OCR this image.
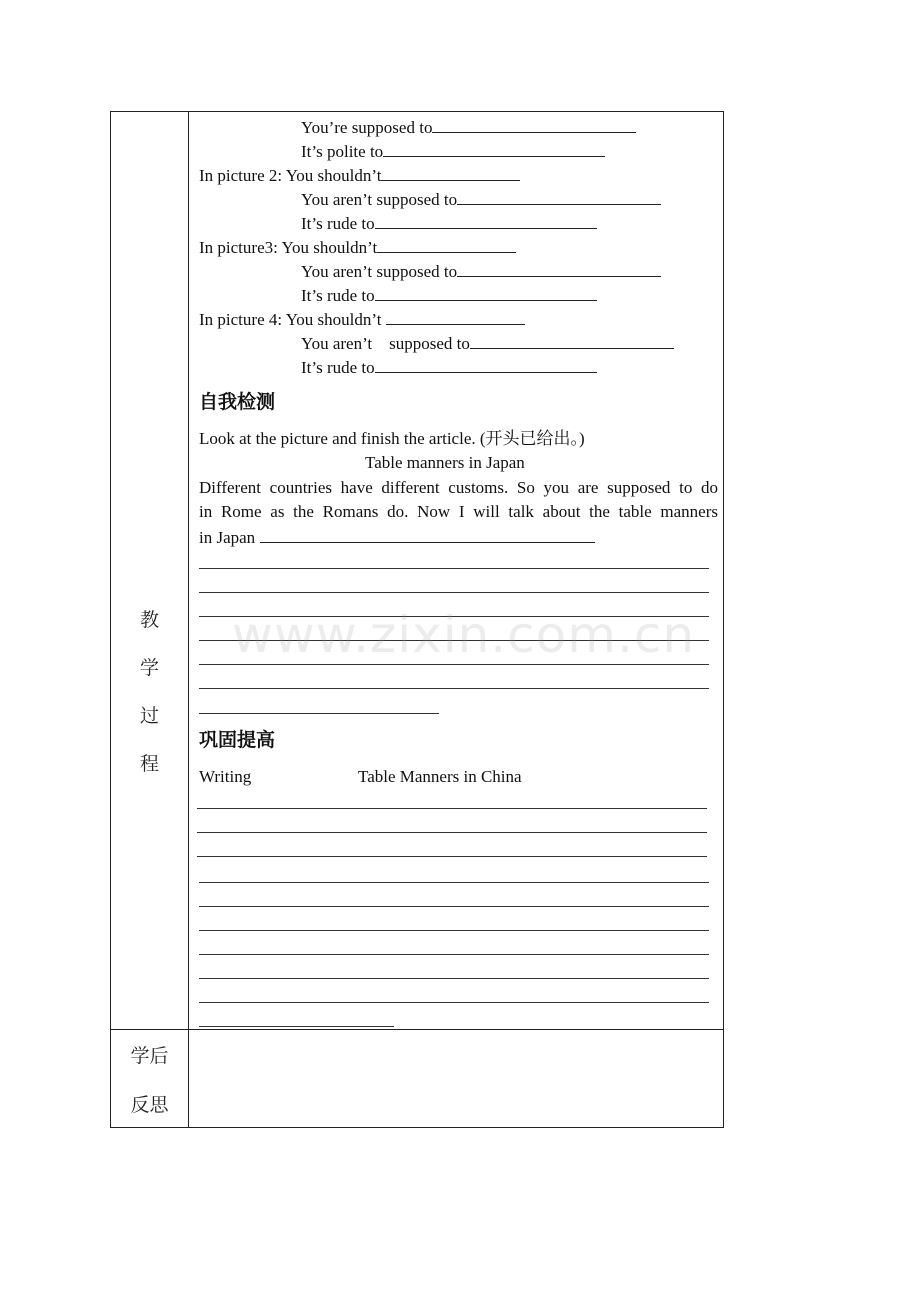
教
学
过
程
学后
反思
You’re supposed to
It’s polite to
In picture 2: You shouldn’t
You aren’t supposed to
It’s rude to
In picture3: You shouldn’t
You aren’t supposed to
It’s rude to
In picture 4: You shouldn’t
You aren’t    supposed to
It’s rude to
自我检测
Look at the picture and finish the article. (开头已给出。)
Table manners in Japan
Different countries have different customs. So you are supposed to do
in Rome as the Romans do. Now I will talk about the table manners
in Japan
巩固提高
Writing	Table Manners in China
www.zixin.com.cn
